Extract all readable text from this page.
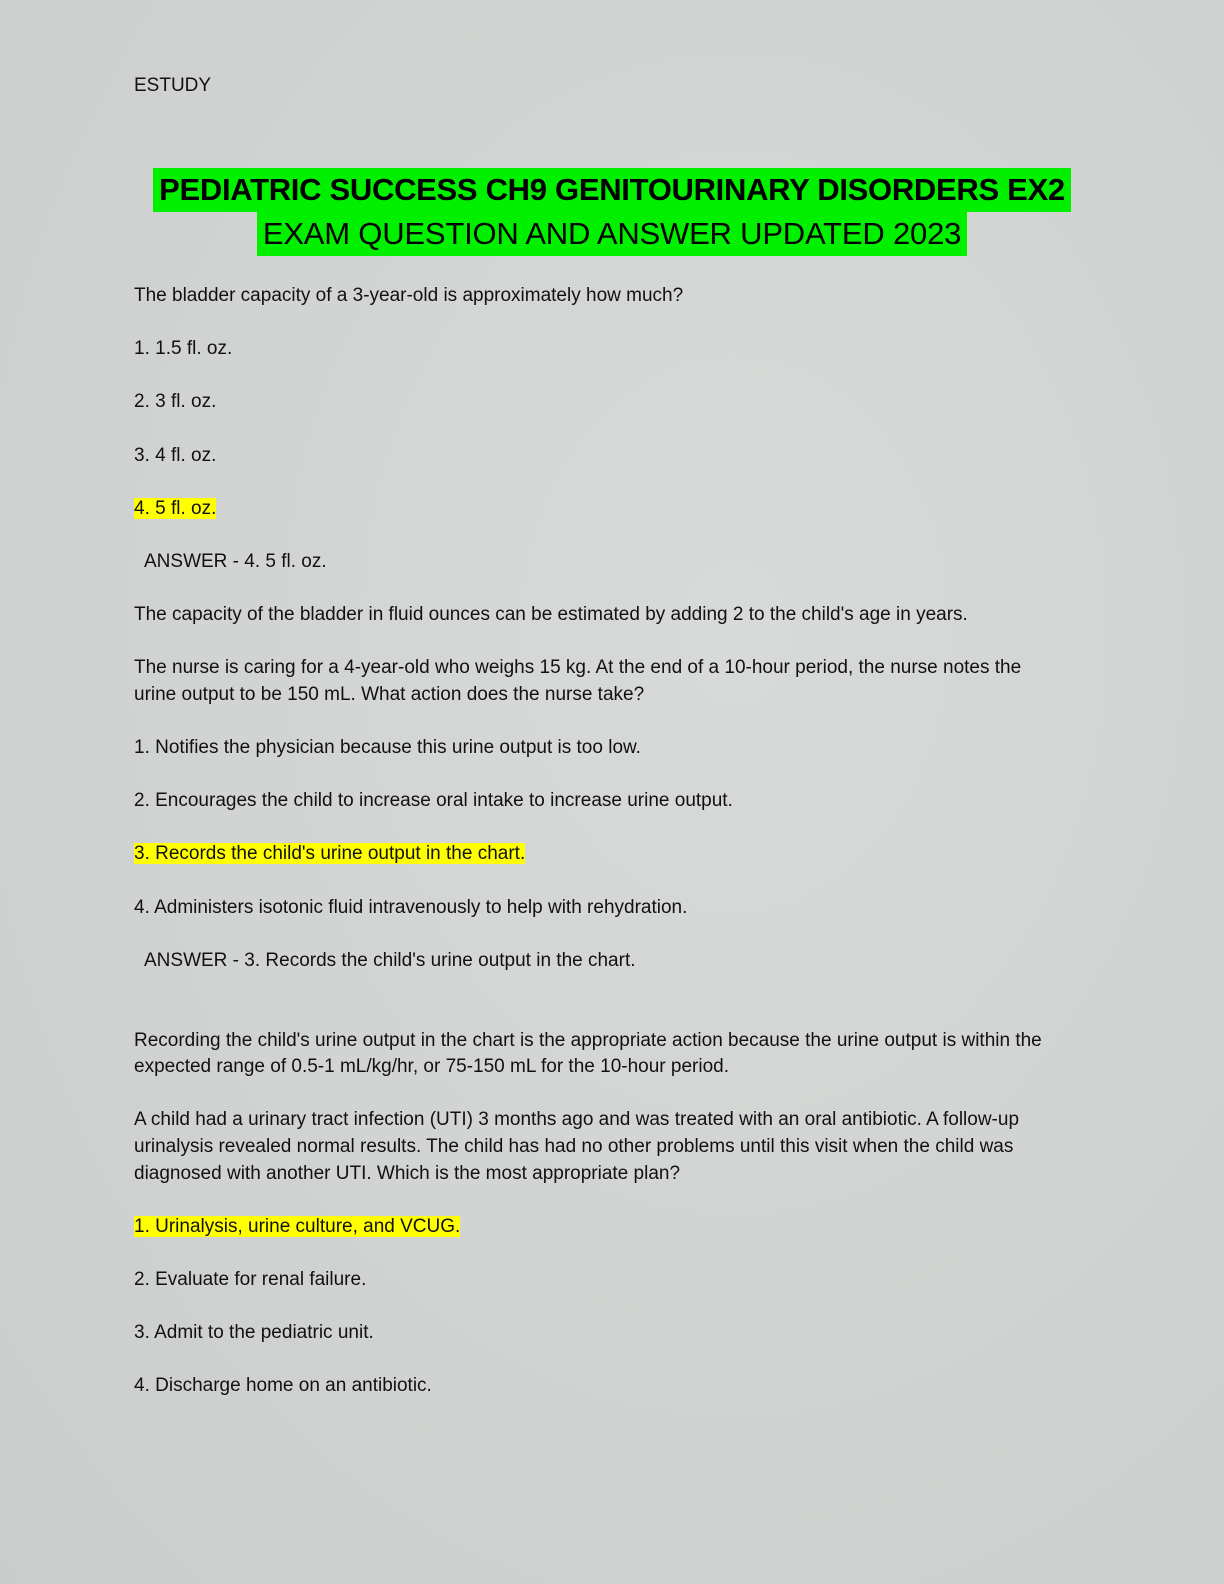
ESTUDY
PEDIATRIC SUCCESS CH9 GENITOURINARY DISORDERS EX2
EXAM QUESTION AND ANSWER UPDATED 2023

The bladder capacity of a 3-year-old is approximately how much?

1. 1.5 fl. oz.

2. 3 fl. oz.

3. 4 fl. oz.

4. 5 fl. oz.

ANSWER - 4. 5 fl. oz.

The capacity of the bladder in fluid ounces can be estimated by adding 2 to the child's age in years.

The nurse is caring for a 4-year-old who weighs 15 kg. At the end of a 10-hour period, the nurse notes the urine output to be 150 mL. What action does the nurse take?

1. Notifies the physician because this urine output is too low.

2. Encourages the child to increase oral intake to increase urine output.

3. Records the child's urine output in the chart.

4. Administers isotonic fluid intravenously to help with rehydration.

ANSWER - 3. Records the child's urine output in the chart.

Recording the child's urine output in the chart is the appropriate action because the urine output is within the
expected range of 0.5-1 mL/kg/hr, or 75-150 mL for the 10-hour period.

A child had a urinary tract infection (UTI) 3 months ago and was treated with an oral antibiotic. A follow-up urinalysis revealed normal results. The child has had no other problems until this visit when the child was diagnosed with another UTI. Which is the most appropriate plan?

1. Urinalysis, urine culture, and VCUG.

2. Evaluate for renal failure.

3. Admit to the pediatric unit.

4. Discharge home on an antibiotic.
